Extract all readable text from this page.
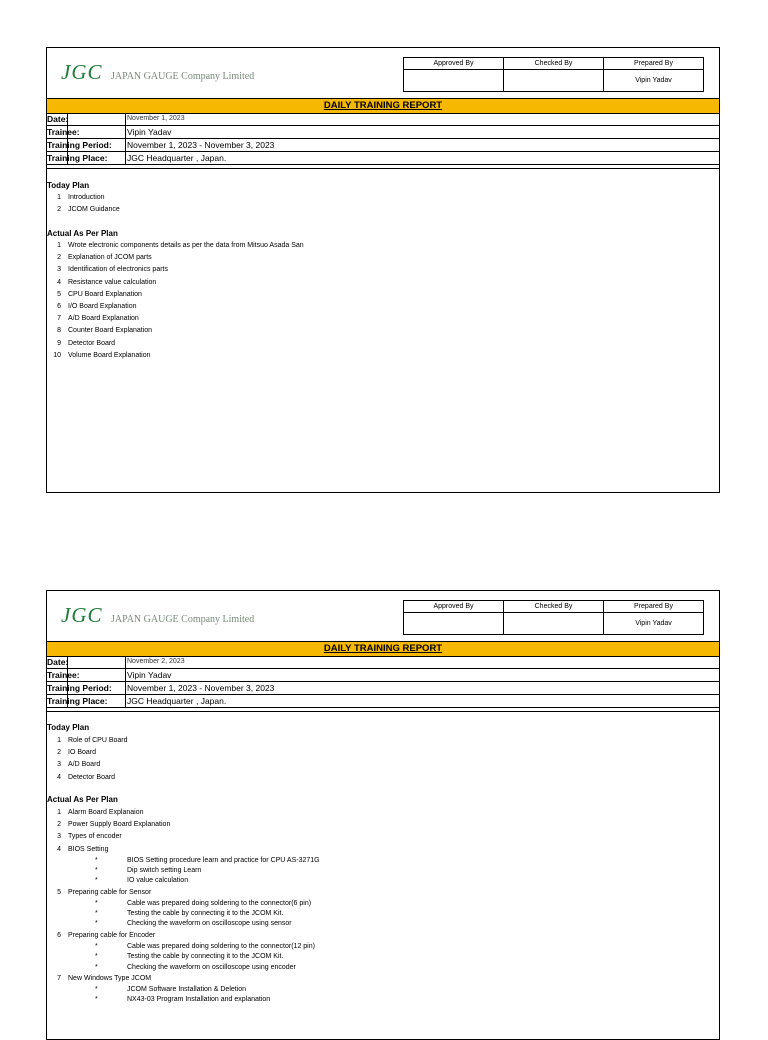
JGC JAPAN GAUGE Company Limited
Approved By	Checked By	Prepared By
		Vipin Yadav
DAILY TRAINING REPORT
Date:	November 1, 2023
Trainee:	Vipin Yadav
Training Period: November 1, 2023 - November 3, 2023
Training Place: JGC Headquarter , Japan.
Today Plan
1 Introduction
2 JCOM Guidance
Actual As Per Plan
1 Wrote electronic components details as per the data from Mitsuo Asada San
2 Explanation of JCOM parts
3 Identification of electronics parts
4 Resistance value calculation
5 CPU Board Explanation
6 I/O Board Explanation
7 A/D Board Explanation
8 Counter Board Explanation
9 Detector Board
10 Volume Board Explanation
JGC JAPAN GAUGE Company Limited
Approved By	Checked By	Prepared By
		Vipin Yadav
DAILY TRAINING REPORT
Date:	November 2, 2023
Trainee:	Vipin Yadav
Training Period: November 1, 2023 - November 3, 2023
Training Place: JGC Headquarter , Japan.
Today Plan
1 Role of CPU Board
2 IO Board
3 A/D Board
4 Detector Board
Actual As Per Plan
1 Alarm Board Explanaion
2 Power Supply Board Explanation
3 Types of encoder
4 BIOS Setting
*	BIOS Setting procedure learn and practice for CPU AS-3271G
*	Dip switch setting Learn
*	IO value calculation
5 Preparing cable for Sensor
*	Cable was prepared doing soldering to the connector(6 pin)
*	Testing the cable by connecting it to the JCOM Kit.
*	Checking the waveform on oscilloscope using sensor
6 Preparing cable for Encoder
*	Cable was prepared doing soldering to the connector(12 pin)
*	Testing the cable by connecting it to the JCOM Kit.
*	Checking the waveform on oscilloscope using encoder
7 New Windows Type JCOM
*	JCOM Software Installation & Deletion
*	NX43-03 Program Installation and explanation
